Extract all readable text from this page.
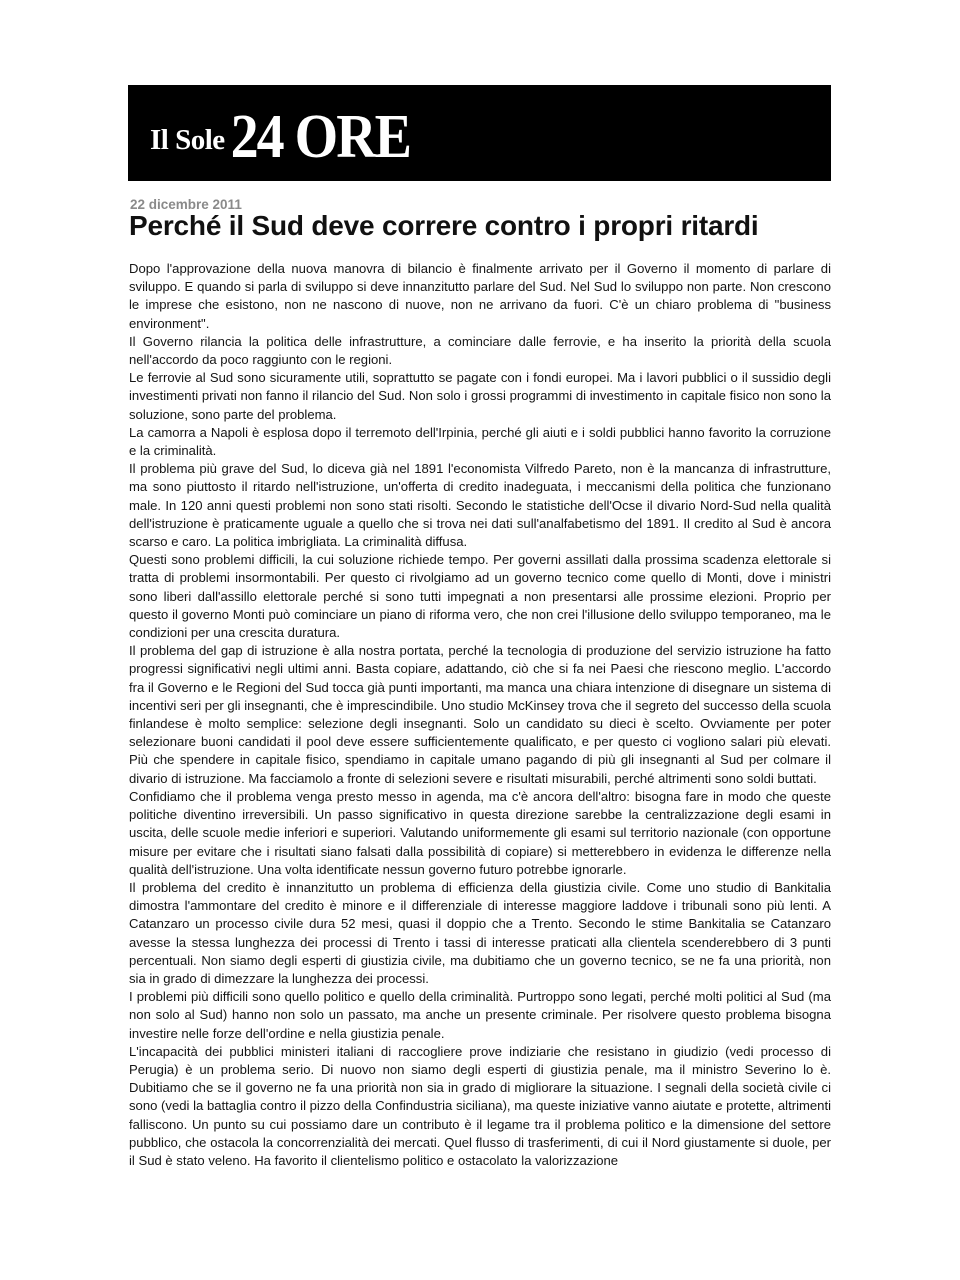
Il Sole 24 ORE
22 dicembre 2011
Perché il Sud deve correre contro i propri ritardi

Dopo l'approvazione della nuova manovra di bilancio è finalmente arrivato per il Governo il momento di parlare di sviluppo. E quando si parla di sviluppo si deve innanzitutto parlare del Sud. Nel Sud lo sviluppo non parte. Non crescono le imprese che esistono, non ne nascono di nuove, non ne arrivano da fuori. C'è un chiaro problema di "business environment".

Il Governo rilancia la politica delle infrastrutture, a cominciare dalle ferrovie, e ha inserito la priorità della scuola nell'accordo da poco raggiunto con le regioni.

Le ferrovie al Sud sono sicuramente utili, soprattutto se pagate con i fondi europei. Ma i lavori pubblici o il sussidio degli investimenti privati non fanno il rilancio del Sud. Non solo i grossi programmi di investimento in capitale fisico non sono la soluzione, sono parte del problema.

La camorra a Napoli è esplosa dopo il terremoto dell'Irpinia, perché gli aiuti e i soldi pubblici hanno favorito la corruzione e la criminalità.

Il problema più grave del Sud, lo diceva già nel 1891 l'economista Vilfredo Pareto, non è la mancanza di infrastrutture, ma sono piuttosto il ritardo nell'istruzione, un'offerta di credito inadeguata, i meccanismi della politica che funzionano male. In 120 anni questi problemi non sono stati risolti. Secondo le statistiche dell'Ocse il divario Nord-Sud nella qualità dell'istruzione è praticamente uguale a quello che si trova nei dati sull'analfabetismo del 1891. Il credito al Sud è ancora scarso e caro. La politica imbrigliata. La criminalità diffusa.

Questi sono problemi difficili, la cui soluzione richiede tempo. Per governi assillati dalla prossima scadenza elettorale si tratta di problemi insormontabili. Per questo ci rivolgiamo ad un governo tecnico come quello di Monti, dove i ministri sono liberi dall'assillo elettorale perché si sono tutti impegnati a non presentarsi alle prossime elezioni. Proprio per questo il governo Monti può cominciare un piano di riforma vero, che non crei l'illusione dello sviluppo temporaneo, ma le condizioni per una crescita duratura.

Il problema del gap di istruzione è alla nostra portata, perché la tecnologia di produzione del servizio istruzione ha fatto progressi significativi negli ultimi anni. Basta copiare, adattando, ciò che si fa nei Paesi che riescono meglio. L'accordo fra il Governo e le Regioni del Sud tocca già punti importanti, ma manca una chiara intenzione di disegnare un sistema di incentivi seri per gli insegnanti, che è imprescindibile. Uno studio McKinsey trova che il segreto del successo della scuola finlandese è molto semplice: selezione degli insegnanti. Solo un candidato su dieci è scelto. Ovviamente per poter selezionare buoni candidati il pool deve essere sufficientemente qualificato, e per questo ci vogliono salari più elevati. Più che spendere in capitale fisico, spendiamo in capitale umano pagando di più gli insegnanti al Sud per colmare il divario di istruzione. Ma facciamolo a fronte di selezioni severe e risultati misurabili, perché altrimenti sono soldi buttati.

Confidiamo che il problema venga presto messo in agenda, ma c'è ancora dell'altro: bisogna fare in modo che queste politiche diventino irreversibili. Un passo significativo in questa direzione sarebbe la centralizzazione degli esami in uscita, delle scuole medie inferiori e superiori. Valutando uniformemente gli esami sul territorio nazionale (con opportune misure per evitare che i risultati siano falsati dalla possibilità di copiare) si metterebbero in evidenza le differenze nella qualità dell'istruzione. Una volta identificate nessun governo futuro potrebbe ignorarle.

Il problema del credito è innanzitutto un problema di efficienza della giustizia civile. Come uno studio di Bankitalia dimostra l'ammontare del credito è minore e il differenziale di interesse maggiore laddove i tribunali sono più lenti. A Catanzaro un processo civile dura 52 mesi, quasi il doppio che a Trento. Secondo le stime Bankitalia se Catanzaro avesse la stessa lunghezza dei processi di Trento i tassi di interesse praticati alla clientela scenderebbero di 3 punti percentuali. Non siamo degli esperti di giustizia civile, ma dubitiamo che un governo tecnico, se ne fa una priorità, non sia in grado di dimezzare la lunghezza dei processi.

I problemi più difficili sono quello politico e quello della criminalità. Purtroppo sono legati, perché molti politici al Sud (ma non solo al Sud) hanno non solo un passato, ma anche un presente criminale. Per risolvere questo problema bisogna investire nelle forze dell'ordine e nella giustizia penale.

L'incapacità dei pubblici ministeri italiani di raccogliere prove indiziarie che resistano in giudizio (vedi processo di Perugia) è un problema serio. Di nuovo non siamo degli esperti di giustizia penale, ma il ministro Severino lo è. Dubitiamo che se il governo ne fa una priorità non sia in grado di migliorare la situazione. I segnali della società civile ci sono (vedi la battaglia contro il pizzo della Confindustria siciliana), ma queste iniziative vanno aiutate e protette, altrimenti falliscono. Un punto su cui possiamo dare un contributo è il legame tra il problema politico e la dimensione del settore pubblico, che ostacola la concorrenzialità dei mercati. Quel flusso di trasferimenti, di cui il Nord giustamente si duole, per il Sud è stato veleno. Ha favorito il clientelismo politico e ostacolato la valorizzazione
